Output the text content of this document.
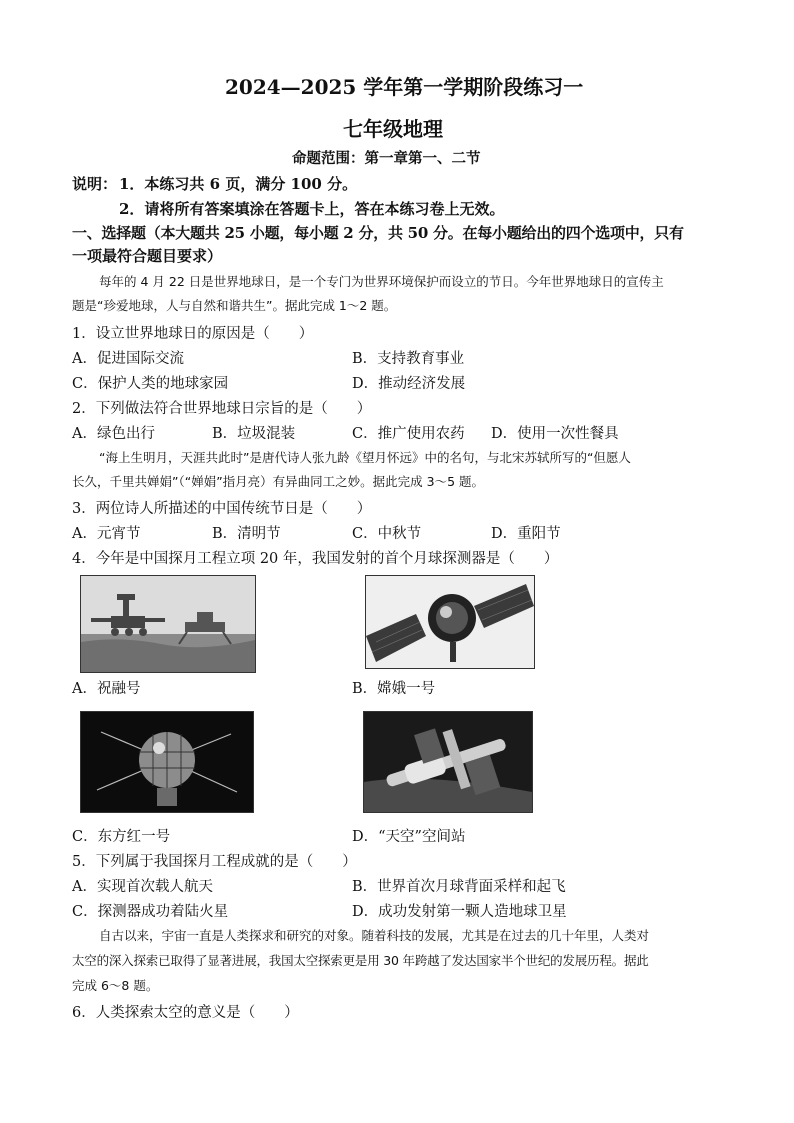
2024—2025 学年第一学期阶段练习一
七年级地理
命题范围：第一章第一、二节
说明： 1．本练习共 6 页，满分 100 分。
2．请将所有答案填涂在答题卡上，答在本练习卷上无效。
一、选择题（本大题共 25 小题，每小题 2 分，共 50 分。在每小题给出的四个选项中，只有
一项最符合题目要求）
每年的 4 月 22 日是世界地球日，是一个专门为世界环境保护而设立的节日。今年世界地球日的宣传主
题是“珍爱地球，人与自然和谐共生”。据此完成 1～2 题。
1．设立世界地球日的原因是（　　）
A．促进国际交流	B．支持教育事业
C．保护人类的地球家园	D．推动经济发展
2．下列做法符合世界地球日宗旨的是（　　）
A．绿色出行	B．垃圾混装	C．推广使用农药 D．使用一次性餐具
“海上生明月，天涯共此时”是唐代诗人张九龄《望月怀远》中的名句，与北宋苏轼所写的“但愿人
长久，千里共婵娟”（“婵娟”指月亮）有异曲同工之妙。据此完成 3～5 题。
3．两位诗人所描述的中国传统节日是（　　）
A．元宵节	B．清明节	C．中秋节	D．重阳节
4．今年是中国探月工程立项 20 年，我国发射的首个月球探测器是（　　）
A．祝融号	B．嫦娥一号
C．东方红一号	D．“天空”空间站
5．下列属于我国探月工程成就的是（　　）
A．实现首次载人航天	B．世界首次月球背面采样和起飞
C．探测器成功着陆火星	D．成功发射第一颗人造地球卫星
自古以来，宇宙一直是人类探求和研究的对象。随着科技的发展，尤其是在过去的几十年里，人类对
太空的深入探索已取得了显著进展，我国太空探索更是用 30 年跨越了发达国家半个世纪的发展历程。据此
完成 6～8 题。
6．人类探索太空的意义是（　　）
